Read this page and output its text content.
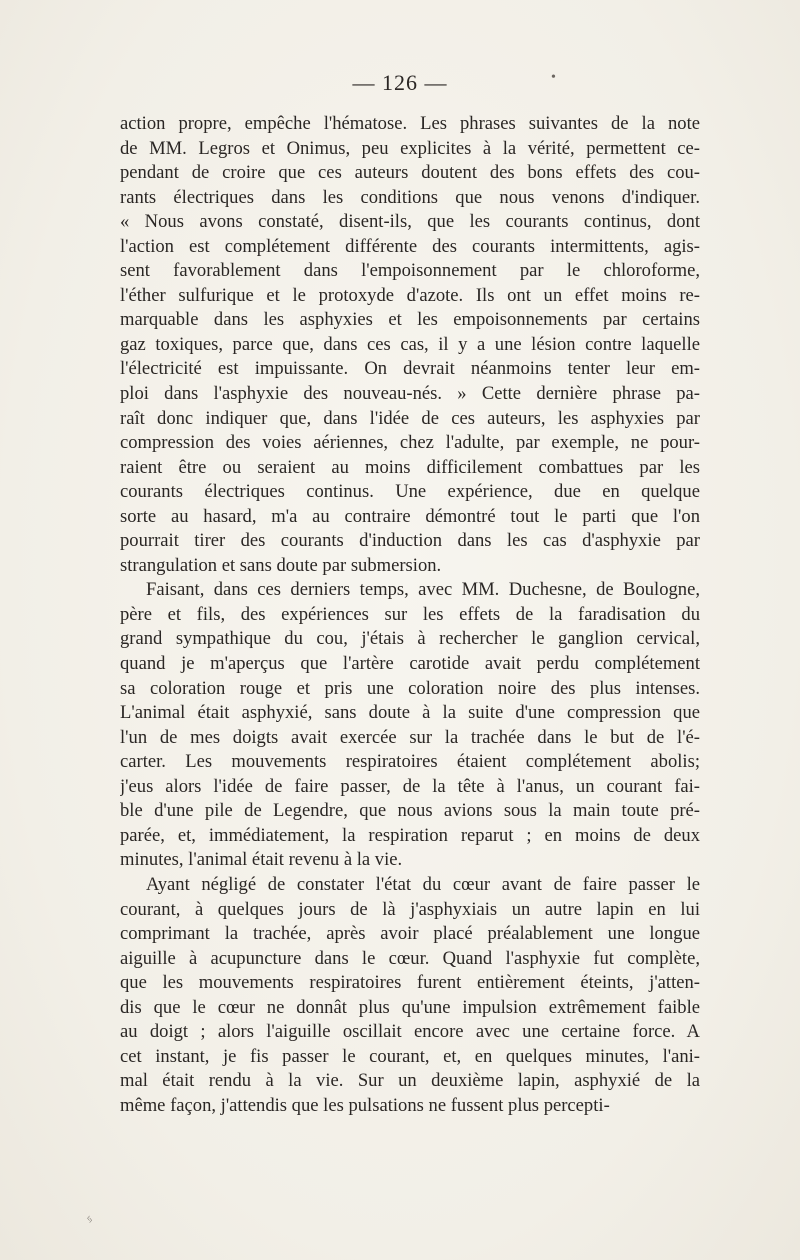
— 126 —	•
action propre, empêche l'hématose. Les phrases suivantes de la note
de MM. Legros et Onimus, peu explicites à la vérité, permettent ce-
pendant de croire que ces auteurs doutent des bons effets des cou-
rants électriques dans les conditions que nous venons d'indiquer.
« Nous avons constaté, disent-ils, que les courants continus, dont
l'action est complétement différente des courants intermittents, agis-
sent favorablement dans l'empoisonnement par le chloroforme,
l'éther sulfurique et le protoxyde d'azote. Ils ont un effet moins re-
marquable dans les asphyxies et les empoisonnements par certains
gaz toxiques, parce que, dans ces cas, il y a une lésion contre laquelle
l'électricité est impuissante. On devrait néanmoins tenter leur em-
ploi dans l'asphyxie des nouveau-nés. » Cette dernière phrase pa-
raît donc indiquer que, dans l'idée de ces auteurs, les asphyxies par
compression des voies aériennes, chez l'adulte, par exemple, ne pour-
raient être ou seraient au moins difficilement combattues par les
courants électriques continus. Une expérience, due en quelque
sorte au hasard, m'a au contraire démontré tout le parti que l'on
pourrait tirer des courants d'induction dans les cas d'asphyxie par
strangulation et sans doute par submersion.
Faisant, dans ces derniers temps, avec MM. Duchesne, de Boulogne,
père et fils, des expériences sur les effets de la faradisation du
grand sympathique du cou, j'étais à rechercher le ganglion cervical,
quand je m'aperçus que l'artère carotide avait perdu complétement
sa coloration rouge et pris une coloration noire des plus intenses.
L'animal était asphyxié, sans doute à la suite d'une compression que
l'un de mes doigts avait exercée sur la trachée dans le but de l'é-
carter. Les mouvements respiratoires étaient complétement abolis;
j'eus alors l'idée de faire passer, de la tête à l'anus, un courant fai-
ble d'une pile de Legendre, que nous avions sous la main toute pré-
parée, et, immédiatement, la respiration reparut ; en moins de deux
minutes, l'animal était revenu à la vie.
Ayant négligé de constater l'état du cœur avant de faire passer le
courant, à quelques jours de là j'asphyxiais un autre lapin en lui
comprimant la trachée, après avoir placé préalablement une longue
aiguille à acupuncture dans le cœur. Quand l'asphyxie fut complète,
que les mouvements respiratoires furent entièrement éteints, j'atten-
dis que le cœur ne donnât plus qu'une impulsion extrêmement faible
au doigt ; alors l'aiguille oscillait encore avec une certaine force. A
cet instant, je fis passer le courant, et, en quelques minutes, l'ani-
mal était rendu à la vie. Sur un deuxième lapin, asphyxié de la
même façon, j'attendis que les pulsations ne fussent plus percepti-
ᛃ
